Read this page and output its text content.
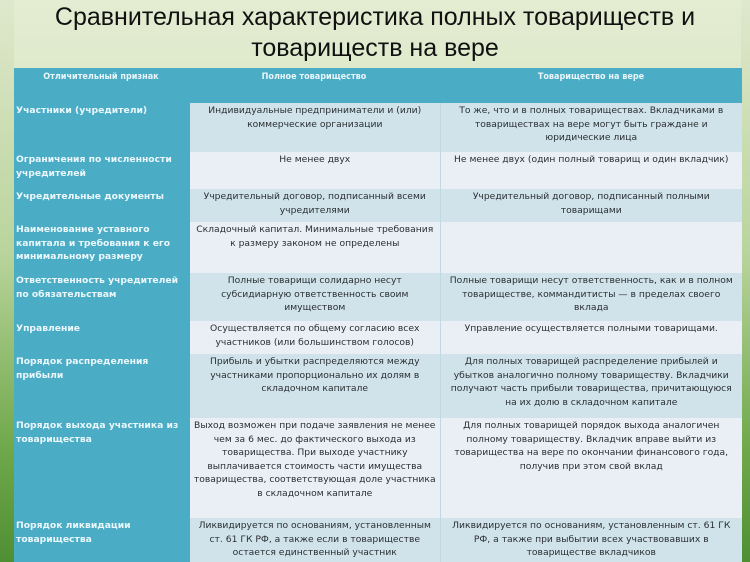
Сравнительная характеристика полных товариществ и
товариществ на вере
Отличительный признак	Полное товарищество	Товарищество на вере
Участники (учредители)	Индивидуальные предприниматели и (или) коммерческие организации	То же, что и в полных товариществах. Вкладчиками в товариществах на вере могут быть граждане и юридические лица
Ограничения по численности учредителей	Не менее двух	Не менее двух (один полный товарищ и один вкладчик)
Учредительные документы	Учредительный договор, подписанный всеми учредителями	Учредительный договор, подписанный полными товарищами
Наименование уставного капитала и требования к его минимальному размеру	Складочный капитал. Минимальные требования к размеру законом не определены	
Ответственность учредителей по обязательствам	Полные товарищи солидарно несут субсидиарную ответственность своим имуществом	Полные товарищи несут ответственность, как и в полном товариществе, коммандитисты — в пределах своего вклада
Управление	Осуществляется по общему согласию всех участников (или большинством голосов)	Управление осуществляется полными товарищами.
Порядок распределения прибыли	Прибыль и убытки распределяются между участниками пропорционально их долям в складочном капитале	Для полных товарищей распределение прибылей и убытков аналогично полному товариществу. Вкладчики получают часть прибыли товарищества, причитающуюся на их долю в складочном капитале
Порядок выхода участника из товарищества	Выход возможен при подаче заявления не менее чем за 6 мес. до фактического выхода из товарищества. При выходе участнику выплачивается стоимость части имущества товарищества, соответствующая доле участника в складочном капитале	Для полных товарищей порядок выхода аналогичен полному товариществу. Вкладчик вправе выйти из товарищества на вере по окончании финансового года, получив при этом свой вклад
Порядок ликвидации товарищества	Ликвидируется по основаниям, установленным ст. 61 ГК РФ, а также если в товариществе остается единственный участник	Ликвидируется по основаниям, установленным ст. 61 ГК РФ, а также при выбытии всех участвовавших в товариществе вкладчиков
